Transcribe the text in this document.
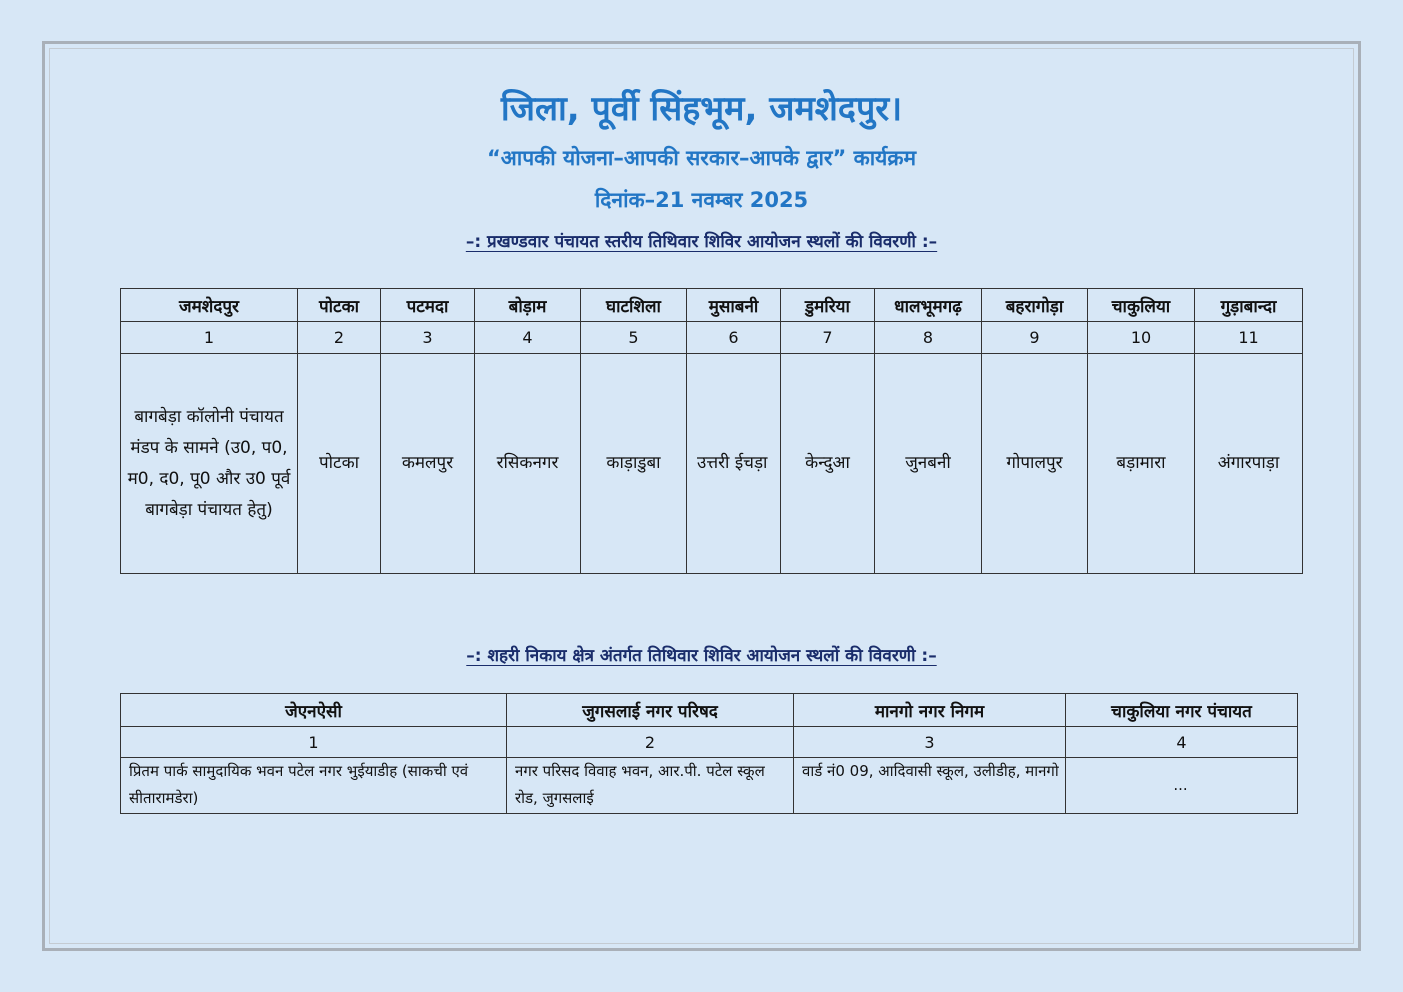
जिला, पूर्वी सिंहभूम, जमशेदपुर।
“आपकी योजना–आपकी सरकार–आपके द्वार” कार्यक्रम
दिनांक–21 नवम्बर 2025
–: प्रखण्डवार पंचायत स्तरीय तिथिवार शिविर आयोजन स्थलों की विवरणी :–
जमशेदपुर	पोटका	पटमदा	बोड़ाम	घाटशिला	मुसाबनी	डुमरिया	धालभूमगढ़	बहरागोड़ा	चाकुलिया	गुड़ाबान्दा
1	2	3	4	5	6	7	8	9	10	11
बागबेड़ा कॉलोनी पंचायत मंडप के सामने (उ0, प0, म0, द0, पू0 और उ0 पूर्व बागबेड़ा पंचायत हेतु)	पोटका	कमलपुर	रसिकनगर	काड़ाडुबा	उत्तरी ईचड़ा	केन्दुआ	जुनबनी	गोपालपुर	बड़ामारा	अंगारपाड़ा
–: शहरी निकाय क्षेत्र अंतर्गत तिथिवार शिविर आयोजन स्थलों की विवरणी :–
जेएनऐसी	जुगसलाई नगर परिषद	मानगो नगर निगम	चाकुलिया नगर पंचायत
1	2	3	4
प्रितम पार्क सामुदायिक भवन पटेल नगर भुईयाडीह (साकची एवं सीतारामडेरा)	नगर परिसद विवाह भवन, आर.पी. पटेल स्कूल रोड, जुगसलाई	वार्ड नं0 09, आदिवासी स्कूल, उलीडीह, मानगो	...
